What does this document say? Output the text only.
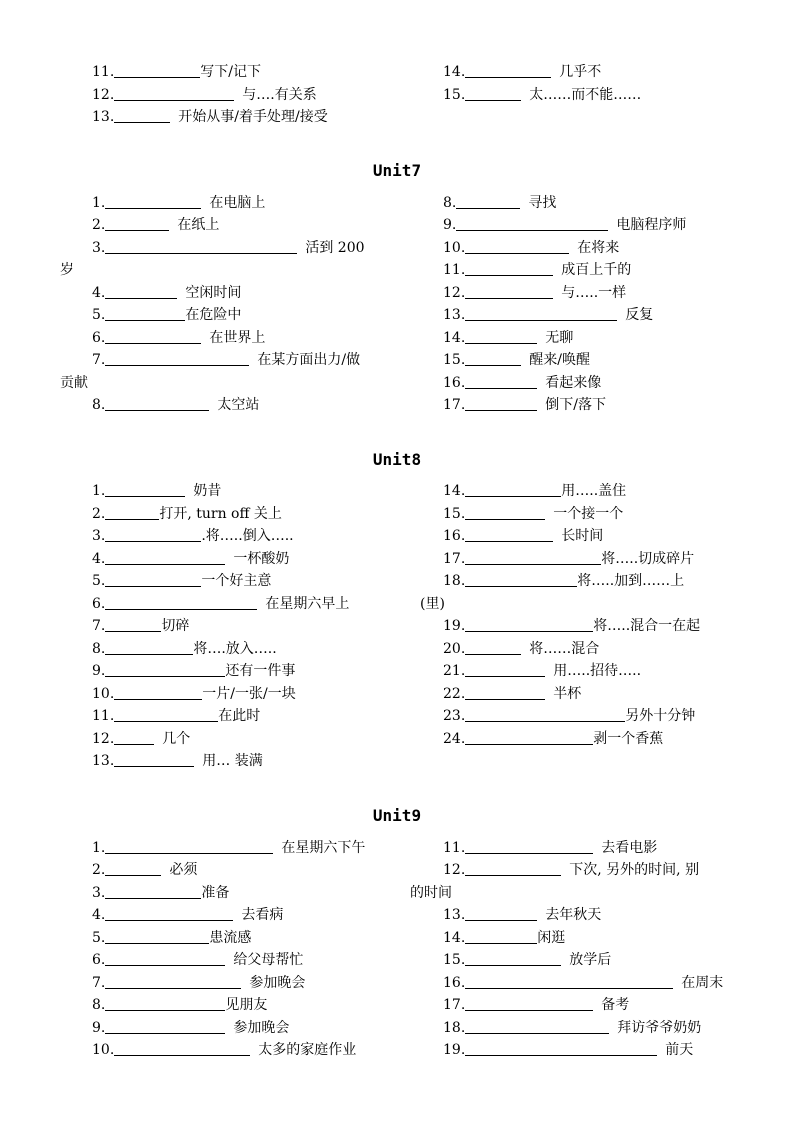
11.	写下/记下
12.	与….有关系
13.	开始从事/着手处理/接受
14.	几乎不
15.	太……而不能……
1.	在电脑上
2.	在纸上
3.	活到 200
岁
4.	空闲时间
5.	在危险中
6.	在世界上
7.	在某方面出力/做
贡献
8.	太空站
8.	寻找
9.	电脑程序师
10.	在将来
11.	成百上千的
12.	与…..一样
13.	反复
14.	无聊
15.	醒来/唤醒
16.	看起来像
17.	倒下/落下
1.	奶昔
2.	打开, turn off 关上
3.	.将…..倒入…..
4.	一杯酸奶
5.	一个好主意
6.	在星期六早上
7.	切碎
8.	将….放入…..
9.	还有一件事
10.	一片/一张/一块
11.	在此时
12.	几个
13.	用… 装满
14.	用…..盖住
15.	一个接一个
16.	长时间
17.	将…..切成碎片
18.	将…..加到……上
(里)
19.	将…..混合一在起
20.	将……混合
21.	用…..招待…..
22.	半杯
23.	另外十分钟
24.	剥一个香蕉
1.	在星期六下午
2.	必须
3.	准备
4.	去看病
5.	患流感
6.	给父母帮忙
7.	参加晚会
8.	见朋友
9.	参加晚会
10.	太多的家庭作业
11.	去看电影
12.	下次, 另外的时间, 别
的时间
13.	去年秋天
14.	闲逛
15.	放学后
16.	在周末
17.	备考
18.	拜访爷爷奶奶
19.	前天
Unit7
Unit8
Unit9
